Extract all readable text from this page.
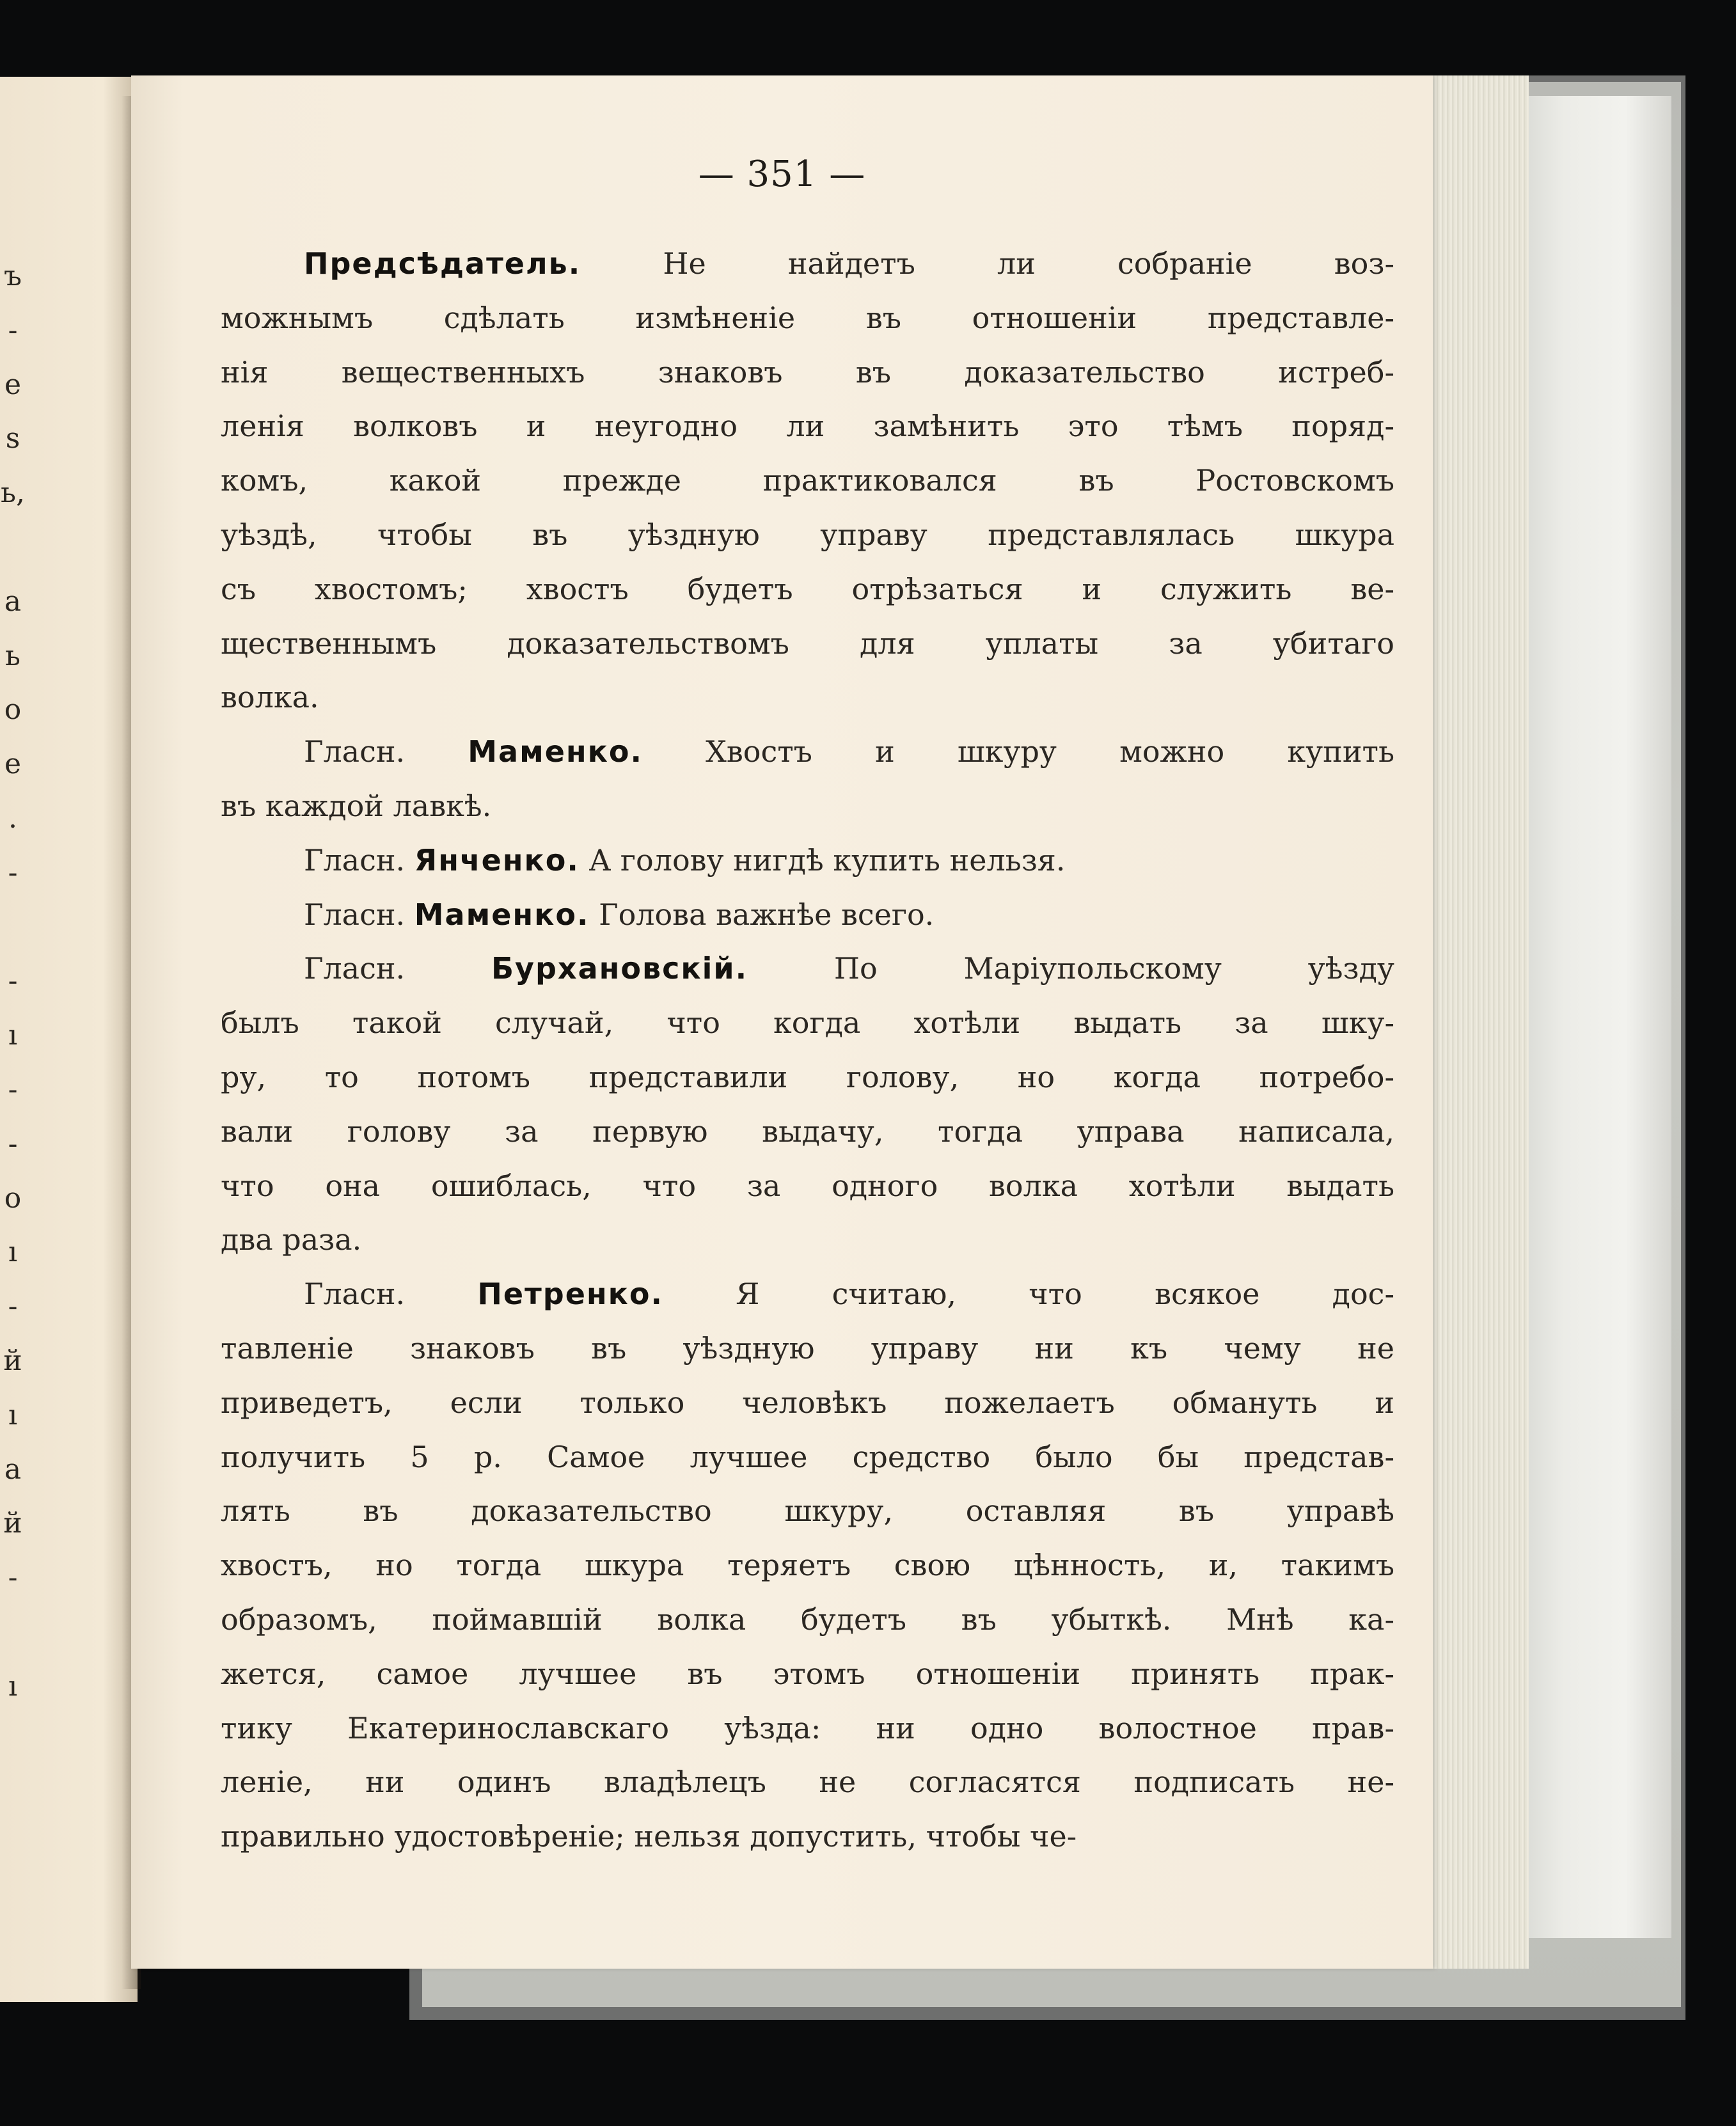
ъ
-
е
s
ь,

а
ь
о
е
.
-

-
ı
-
-
о
ı
-
й
ı
а
й
-

ı
— 351 —
Предсѣдатель. Не найдетъ ли собраніе воз-
можнымъ сдѣлать измѣненіе въ отношеніи представле-
нія вещественныхъ знаковъ въ доказательство истреб-
ленія волковъ и неугодно ли замѣнить это тѣмъ поряд-
комъ, какой прежде практиковался въ Ростовскомъ
уѣздѣ, чтобы въ уѣздную управу представлялась шкура
съ хвостомъ; хвостъ будетъ отрѣзаться и служить ве-
щественнымъ доказательствомъ для уплаты за убитаго
волка.
Гласн. Маменко. Хвостъ и шкуру можно купить
въ каждой лавкѣ.
Гласн. Янченко. А голову нигдѣ купить нельзя.
Гласн. Маменко. Голова важнѣе всего.
Гласн. Бурхановскій. По Маріупольскому уѣзду
былъ такой случай, что когда хотѣли выдать за шку-
ру, то потомъ представили голову, но когда потребо-
вали голову за первую выдачу, тогда управа написала,
что она ошиблась, что за одного волка хотѣли выдать
два раза.
Гласн. Петренко. Я считаю, что всякое дос-
тавленіе знаковъ въ уѣздную управу ни къ чему не
приведетъ, если только человѣкъ пожелаетъ обмануть и
получить 5 р. Самое лучшее средство было бы представ-
лять въ доказательство шкуру, оставляя въ управѣ
хвостъ, но тогда шкура теряетъ свою цѣнность, и, такимъ
образомъ, поймавшій волка будетъ въ убыткѣ. Мнѣ ка-
жется, самое лучшее въ этомъ отношеніи принять прак-
тику Екатеринославскаго уѣзда: ни одно волостное прав-
леніе, ни одинъ владѣлецъ не согласятся подписать не-
правильно удостовѣреніе; нельзя допустить, чтобы че-
